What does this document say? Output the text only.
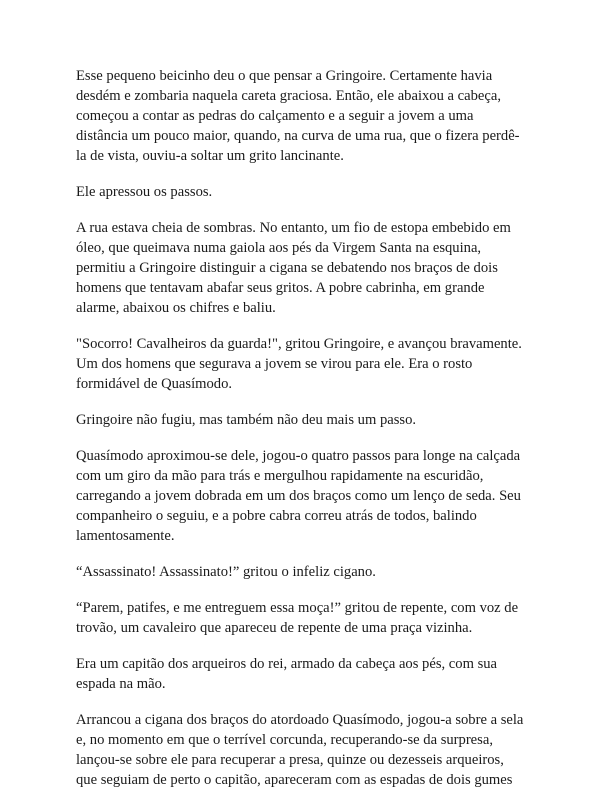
Esse pequeno beicinho deu o que pensar a Gringoire. Certamente havia desdém e zombaria naquela careta graciosa. Então, ele abaixou a cabeça, começou a contar as pedras do calçamento e a seguir a jovem a uma distância um pouco maior, quando, na curva de uma rua, que o fizera perdê-la de vista, ouviu-a soltar um grito lancinante.

Ele apressou os passos.

A rua estava cheia de sombras. No entanto, um fio de estopa embebido em óleo, que queimava numa gaiola aos pés da Virgem Santa na esquina, permitiu a Gringoire distinguir a cigana se debatendo nos braços de dois homens que tentavam abafar seus gritos. A pobre cabrinha, em grande alarme, abaixou os chifres e baliu.

"Socorro! Cavalheiros da guarda!", gritou Gringoire, e avançou bravamente. Um dos homens que segurava a jovem se virou para ele. Era o rosto formidável de Quasímodo.

Gringoire não fugiu, mas também não deu mais um passo.

Quasímodo aproximou-se dele, jogou-o quatro passos para longe na calçada com um giro da mão para trás e mergulhou rapidamente na escuridão, carregando a jovem dobrada em um dos braços como um lenço de seda. Seu companheiro o seguiu, e a pobre cabra correu atrás de todos, balindo lamentosamente.

“Assassinato! Assassinato!” gritou o infeliz cigano.

“Parem, patifes, e me entreguem essa moça!” gritou de repente, com voz de trovão, um cavaleiro que apareceu de repente de uma praça vizinha.

Era um capitão dos arqueiros do rei, armado da cabeça aos pés, com sua espada na mão.

Arrancou a cigana dos braços do atordoado Quasímodo, jogou-a sobre a sela e, no momento em que o terrível corcunda, recuperando-se da surpresa, lançou-se sobre ele para recuperar a presa, quinze ou dezesseis arqueiros, que seguiam de perto o capitão, apareceram com as espadas de dois gumes
